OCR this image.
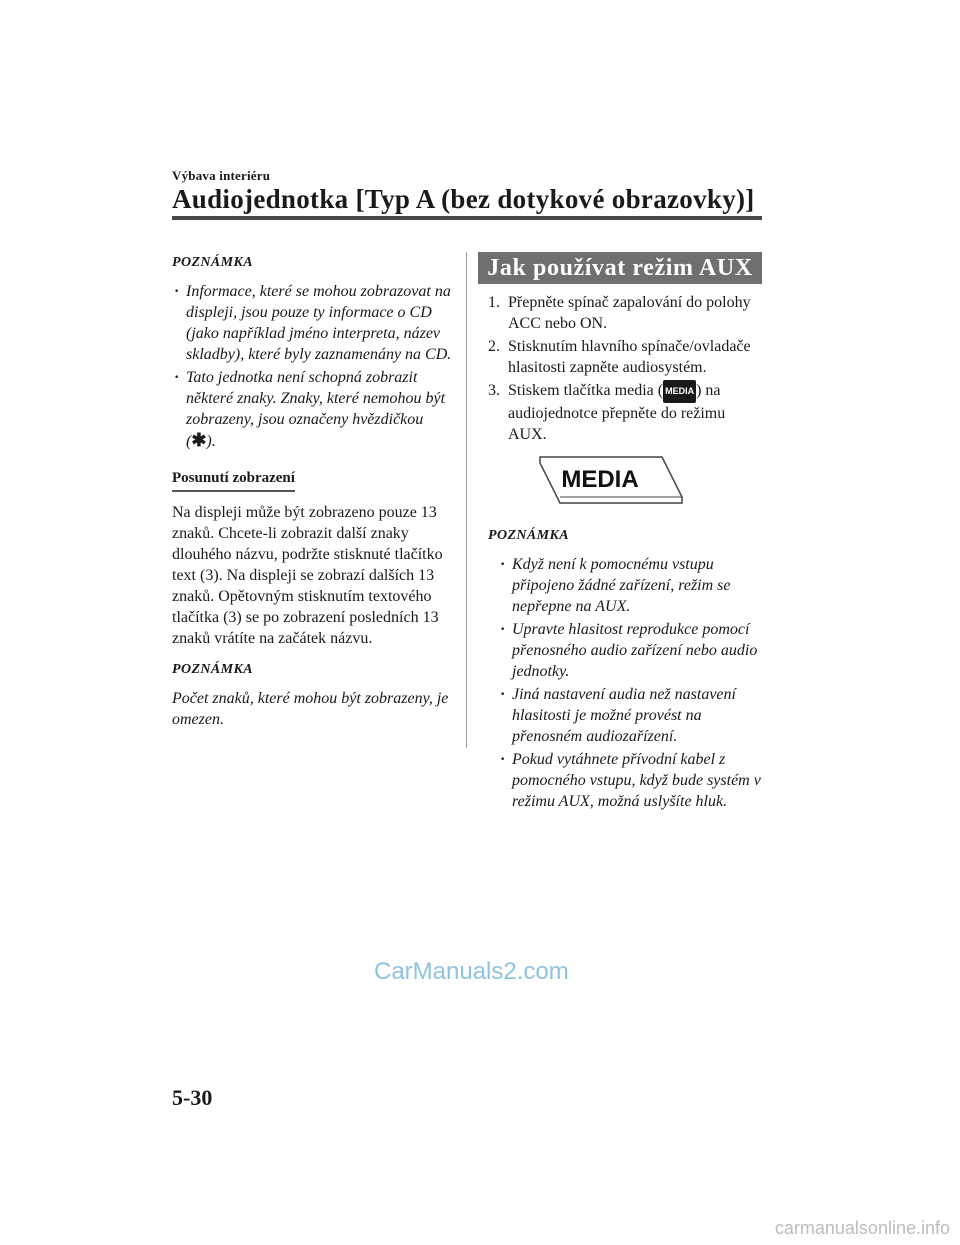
Výbava interiéru
Audiojednotka [Typ A (bez dotykové obrazovky)]
POZNÁMKA
· Informace, které se mohou zobrazovat na displeji, jsou pouze ty informace o CD (jako například jméno interpreta, název skladby), které byly zaznamenány na CD.
· Tato jednotka není schopná zobrazit některé znaky. Znaky, které nemohou být zobrazeny, jsou označeny hvězdičkou (✱).
Posunutí zobrazení

Na displeji může být zobrazeno pouze 13 znaků. Chcete-li zobrazit další znaky dlouhého názvu, podržte stisknuté tlačítko text (3). Na displeji se zobrazí dalších 13 znaků. Opětovným stisknutím textového tlačítka (3) se po zobrazení posledních 13 znaků vrátíte na začátek názvu.

POZNÁMKA

Počet znaků, které mohou být zobrazeny, je omezen.

Jak používat režim AUX
1. Přepněte spínač zapalování do polohy ACC nebo ON.
2. Stisknutím hlavního spínače/ovladače hlasitosti zapněte audiosystém.
3. Stiskem tlačítka media ( MEDIA ) na audiojednotce přepněte do režimu AUX.
MEDIA
POZNÁMKA
· Když není k pomocnému vstupu připojeno žádné zařízení, režim se nepřepne na AUX.
· Upravte hlasitost reprodukce pomocí přenosného audio zařízení nebo audio jednotky.
· Jiná nastavení audia než nastavení hlasitosti je možné provést na přenosném audiozařízení.
· Pokud vytáhnete přívodní kabel z pomocného vstupu, když bude systém v režimu AUX, možná uslyšíte hluk.
CarManuals2.com
5-30
carmanualsonline.info
